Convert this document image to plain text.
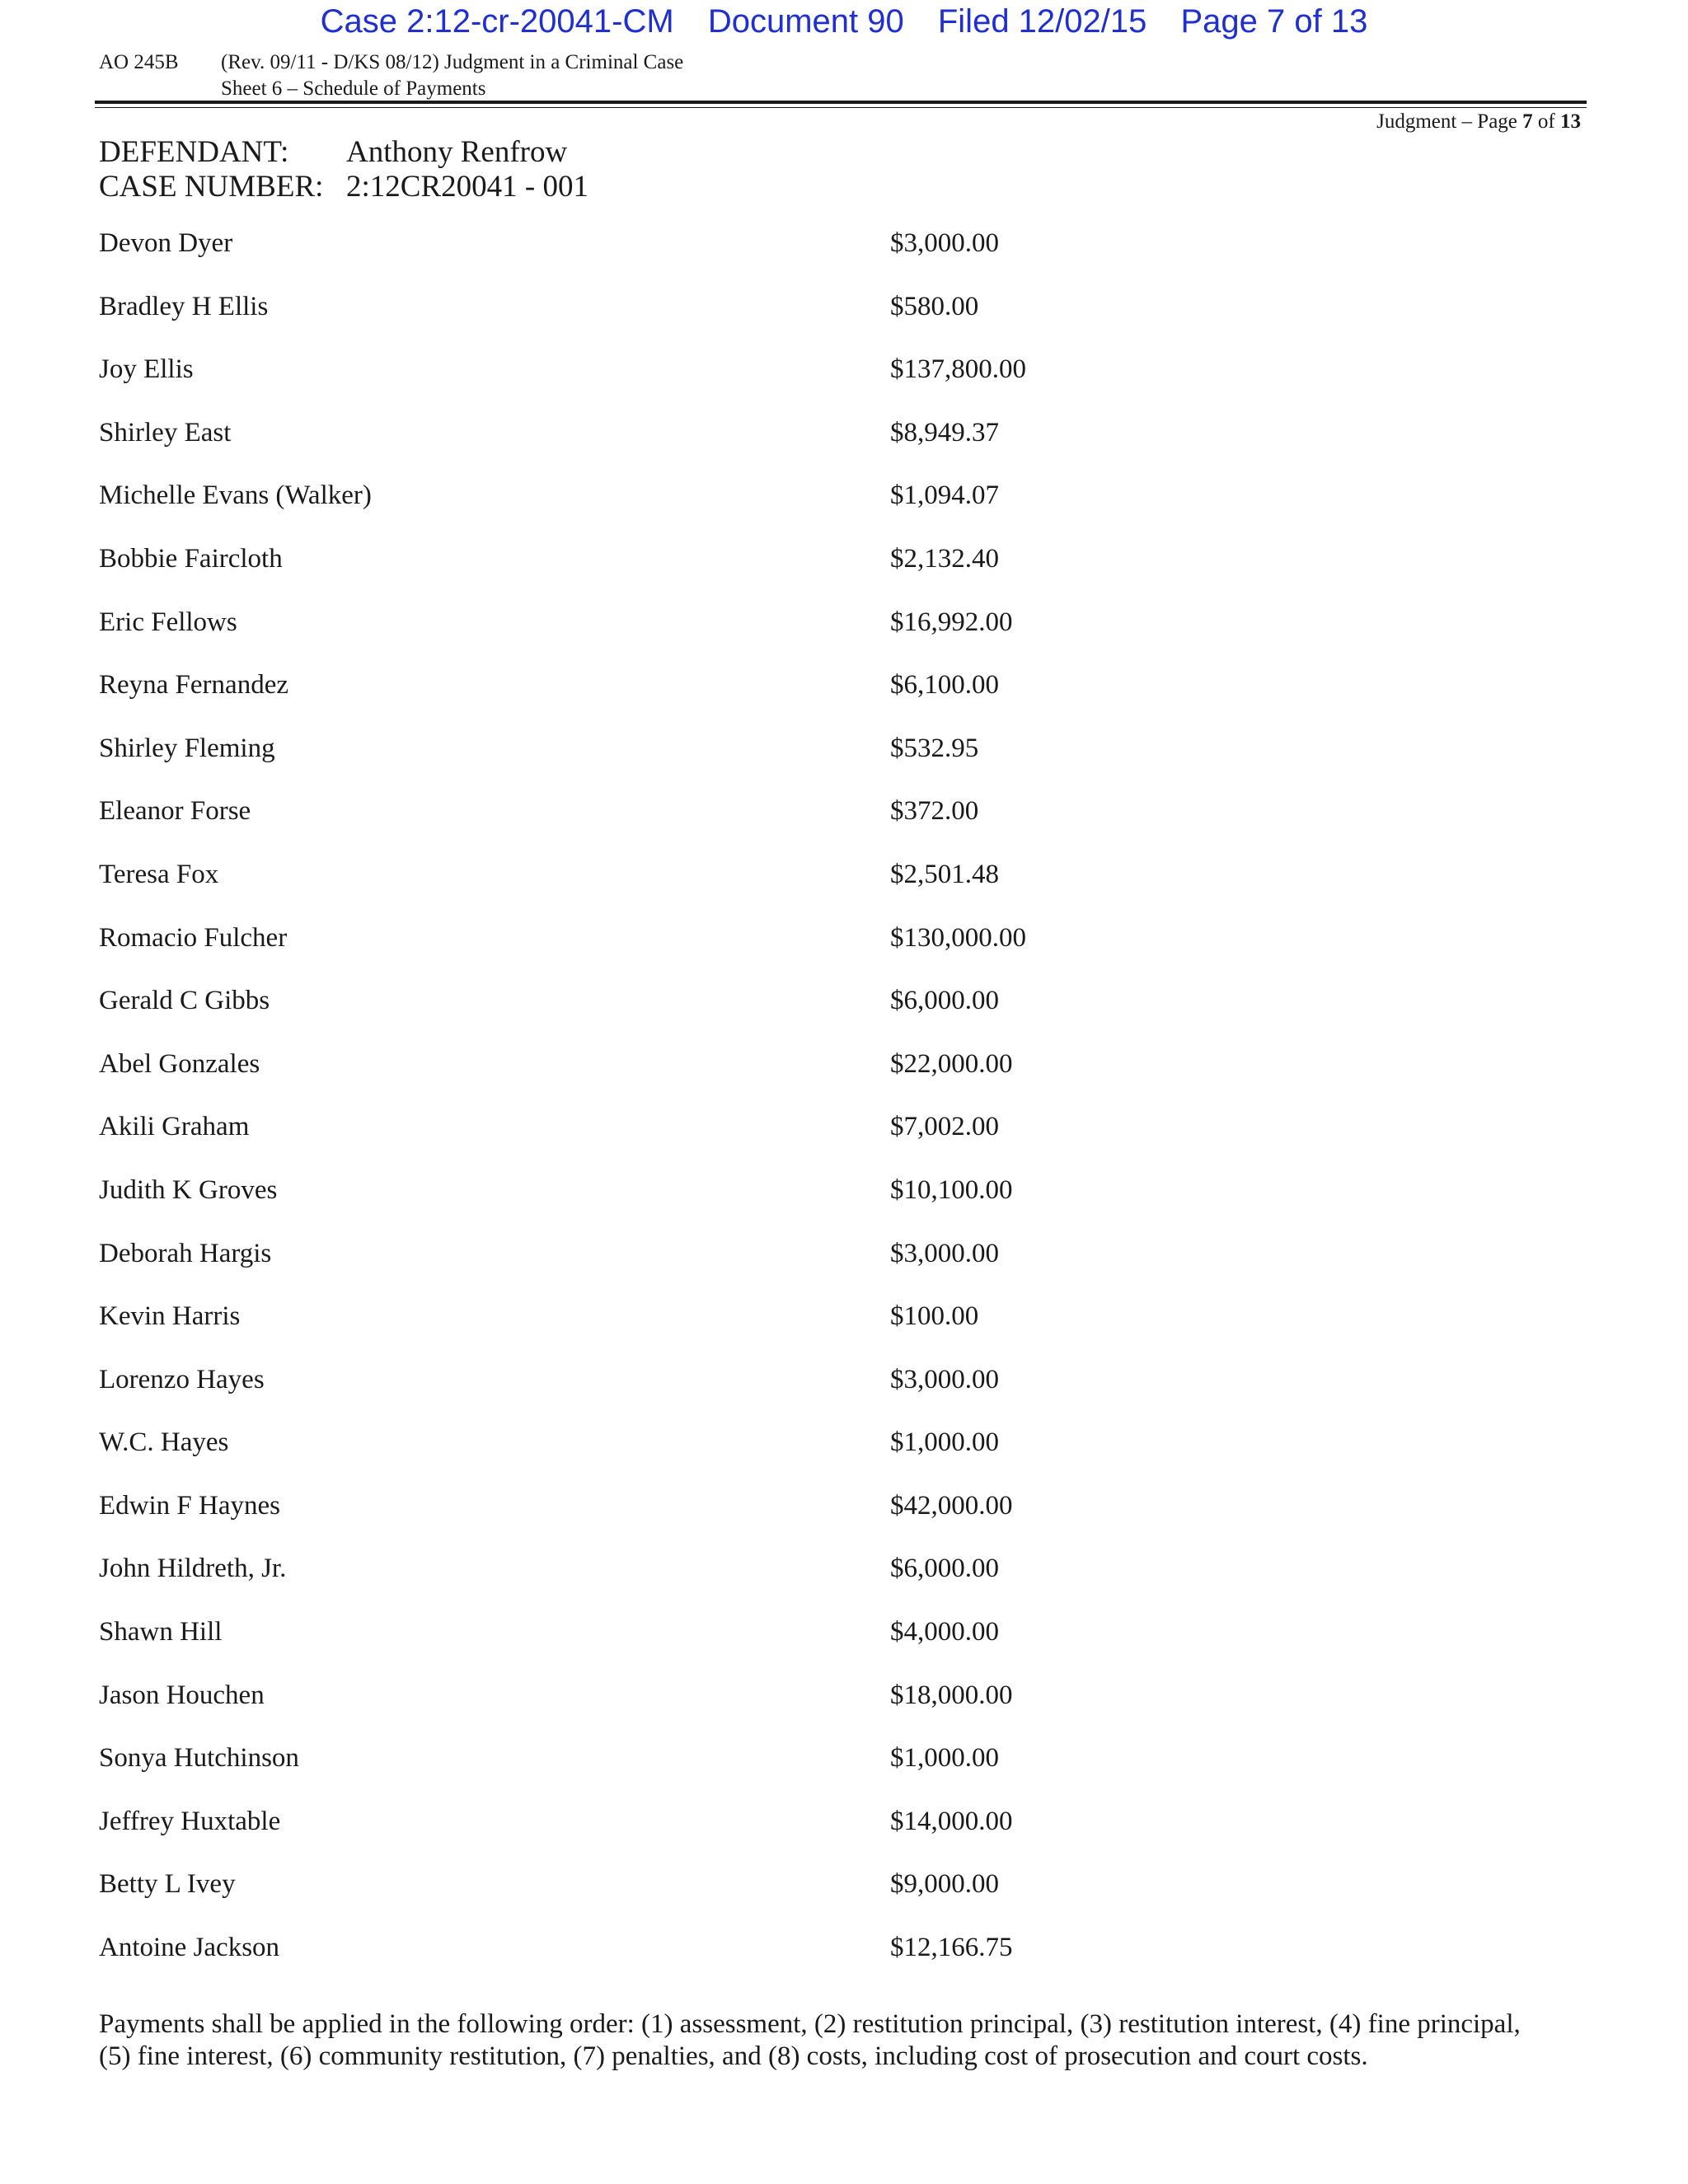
Case 2:12-cr-20041-CM Document 90 Filed 12/02/15 Page 7 of 13
AO 245B	(Rev. 09/11 - D/KS 08/12) Judgment in a Criminal Case
Sheet 6 – Schedule of Payments
Judgment – Page 7 of 13
DEFENDANT: Anthony Renfrow
CASE NUMBER: 2:12CR20041 - 001
Devon Dyer	$3,000.00
Bradley H Ellis	$580.00
Joy Ellis	$137,800.00
Shirley East	$8,949.37
Michelle Evans (Walker)	$1,094.07
Bobbie Faircloth	$2,132.40
Eric Fellows	$16,992.00
Reyna Fernandez	$6,100.00
Shirley Fleming	$532.95
Eleanor Forse	$372.00
Teresa Fox	$2,501.48
Romacio Fulcher	$130,000.00
Gerald C Gibbs	$6,000.00
Abel Gonzales	$22,000.00
Akili Graham	$7,002.00
Judith K Groves	$10,100.00
Deborah Hargis	$3,000.00
Kevin Harris	$100.00
Lorenzo Hayes	$3,000.00
W.C. Hayes	$1,000.00
Edwin F Haynes	$42,000.00
John Hildreth, Jr.	$6,000.00
Shawn Hill	$4,000.00
Jason Houchen	$18,000.00
Sonya Hutchinson	$1,000.00
Jeffrey Huxtable	$14,000.00
Betty L Ivey	$9,000.00
Antoine Jackson	$12,166.75
Payments shall be applied in the following order: (1) assessment, (2) restitution principal, (3) restitution interest, (4) fine principal,
(5) fine interest, (6) community restitution, (7) penalties, and (8) costs, including cost of prosecution and court costs.
